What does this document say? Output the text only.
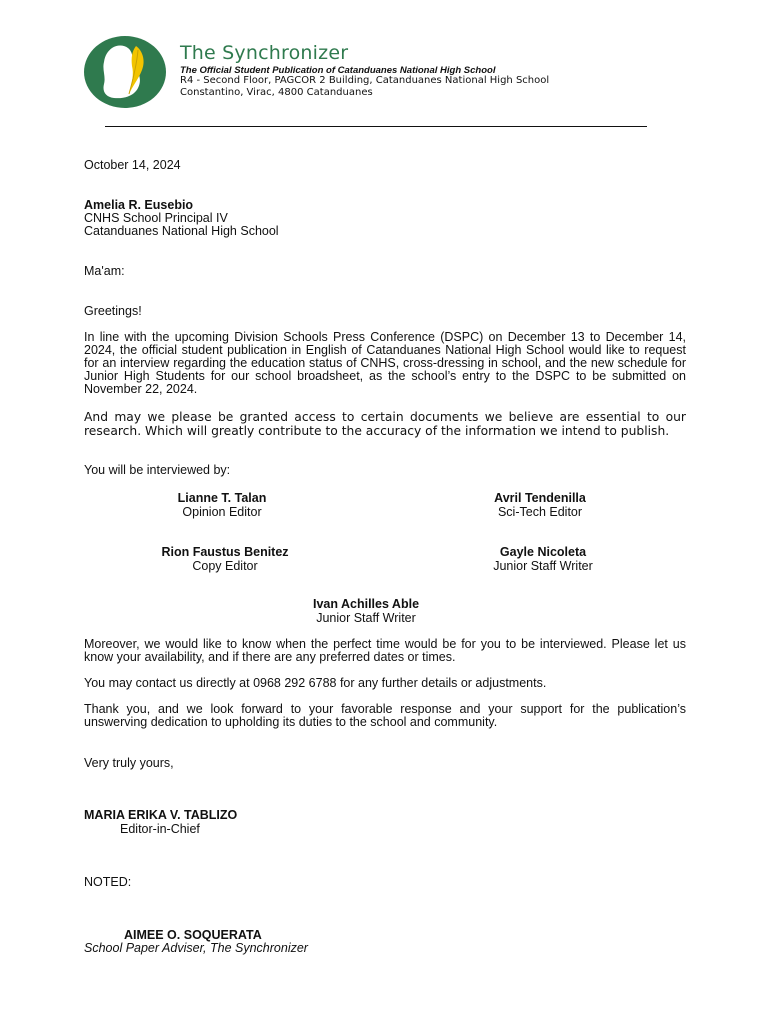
The Synchronizer
The Official Student Publication of Catanduanes National High School
R4 - Second Floor, PAGCOR 2 Building, Catanduanes National High School Constantino, Virac, 4800 Catanduanes
October 14, 2024
Amelia R. Eusebio
CNHS School Principal IV
Catanduanes National High School
Ma'am:
Greetings!
In line with the upcoming Division Schools Press Conference (DSPC) on December 13 to December 14, 2024, the official student publication in English of Catanduanes National High School would like to request for an interview regarding the education status of CNHS, cross-dressing in school, and the new schedule for Junior High Students for our school broadsheet, as the school’s entry to the DSPC to be submitted on November 22, 2024.
And may we please be granted access to certain documents we believe are essential to our research. Which will greatly contribute to the accuracy of the information we intend to publish.
You will be interviewed by:
Lianne T. Talan
Opinion Editor
Avril Tendenilla
Sci-Tech Editor
Rion Faustus Benitez
Copy Editor
Gayle Nicoleta
Junior Staff Writer
Ivan Achilles Able
Junior Staff Writer
Moreover, we would like to know when the perfect time would be for you to be interviewed. Please let us know your availability, and if there are any preferred dates or times.
You may contact us directly at 0968 292 6788 for any further details or adjustments.
Thank you, and we look forward to your favorable response and your support for the publication’s unswerving dedication to upholding its duties to the school and community.
Very truly yours,
MARIA ERIKA V. TABLIZO
Editor-in-Chief
NOTED:
AIMEE O. SOQUERATA
School Paper Adviser, The Synchronizer
